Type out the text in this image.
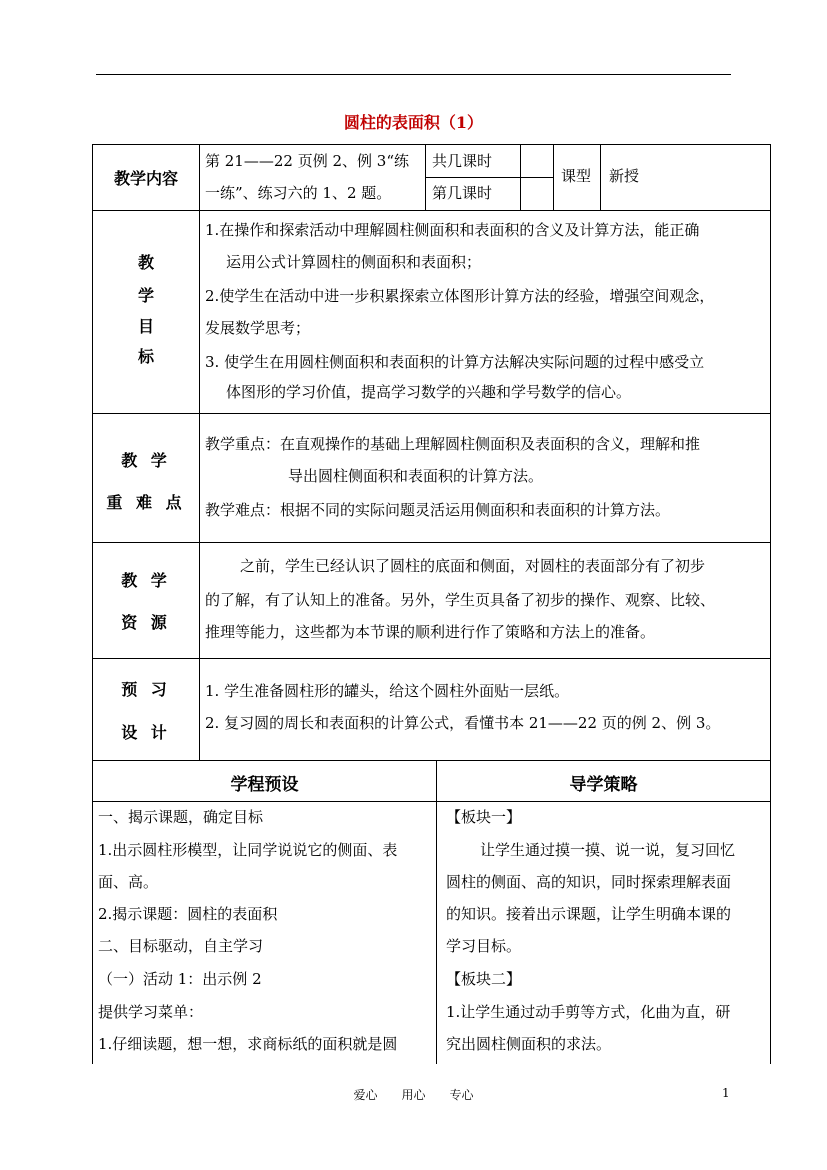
圆柱的表面积（1）
教学内容
第 21——22 页例 2、例 3“练
一练”、练习六的 1、2 题。
共几课时
第几课时
课型 新授
教
学
目
标
1.在操作和探索活动中理解圆柱侧面积和表面积的含义及计算方法，能正确
运用公式计算圆柱的侧面积和表面积；
2.使学生在活动中进一步积累探索立体图形计算方法的经验，增强空间观念，
发展数学思考；
3. 使学生在用圆柱侧面积和表面积的计算方法解决实际问题的过程中感受立
体图形的学习价值，提高学习数学的兴趣和学号数学的信心。
教 学
重 难 点
教学重点：在直观操作的基础上理解圆柱侧面积及表面积的含义，理解和推
导出圆柱侧面积和表面积的计算方法。
教学难点：根据不同的实际问题灵活运用侧面积和表面积的计算方法。
教 学
资 源
之前，学生已经认识了圆柱的底面和侧面，对圆柱的表面部分有了初步
的了解，有了认知上的准备。另外，学生页具备了初步的操作、观察、比较、
推理等能力，这些都为本节课的顺利进行作了策略和方法上的准备。
预 习
设 计
1. 学生准备圆柱形的罐头，给这个圆柱外面贴一层纸。
2. 复习圆的周长和表面积的计算公式，看懂书本 21——22 页的例 2、例 3。
学程预设	导学策略
一、揭示课题，确定目标
1.出示圆柱形模型，让同学说说它的侧面、表
面、高。
2.揭示课题：圆柱的表面积
二、目标驱动，自主学习
（一）活动 1：出示例 2
提供学习菜单：
1.仔细读题，想一想，求商标纸的面积就是圆
【板块一】
让学生通过摸一摸、说一说，复习回忆
圆柱的侧面、高的知识，同时探索理解表面
的知识。接着出示课题，让学生明确本课的
学习目标。
【板块二】
1.让学生通过动手剪等方式，化曲为直，研
究出圆柱侧面积的求法。
爱心　　用心　　专心	1
